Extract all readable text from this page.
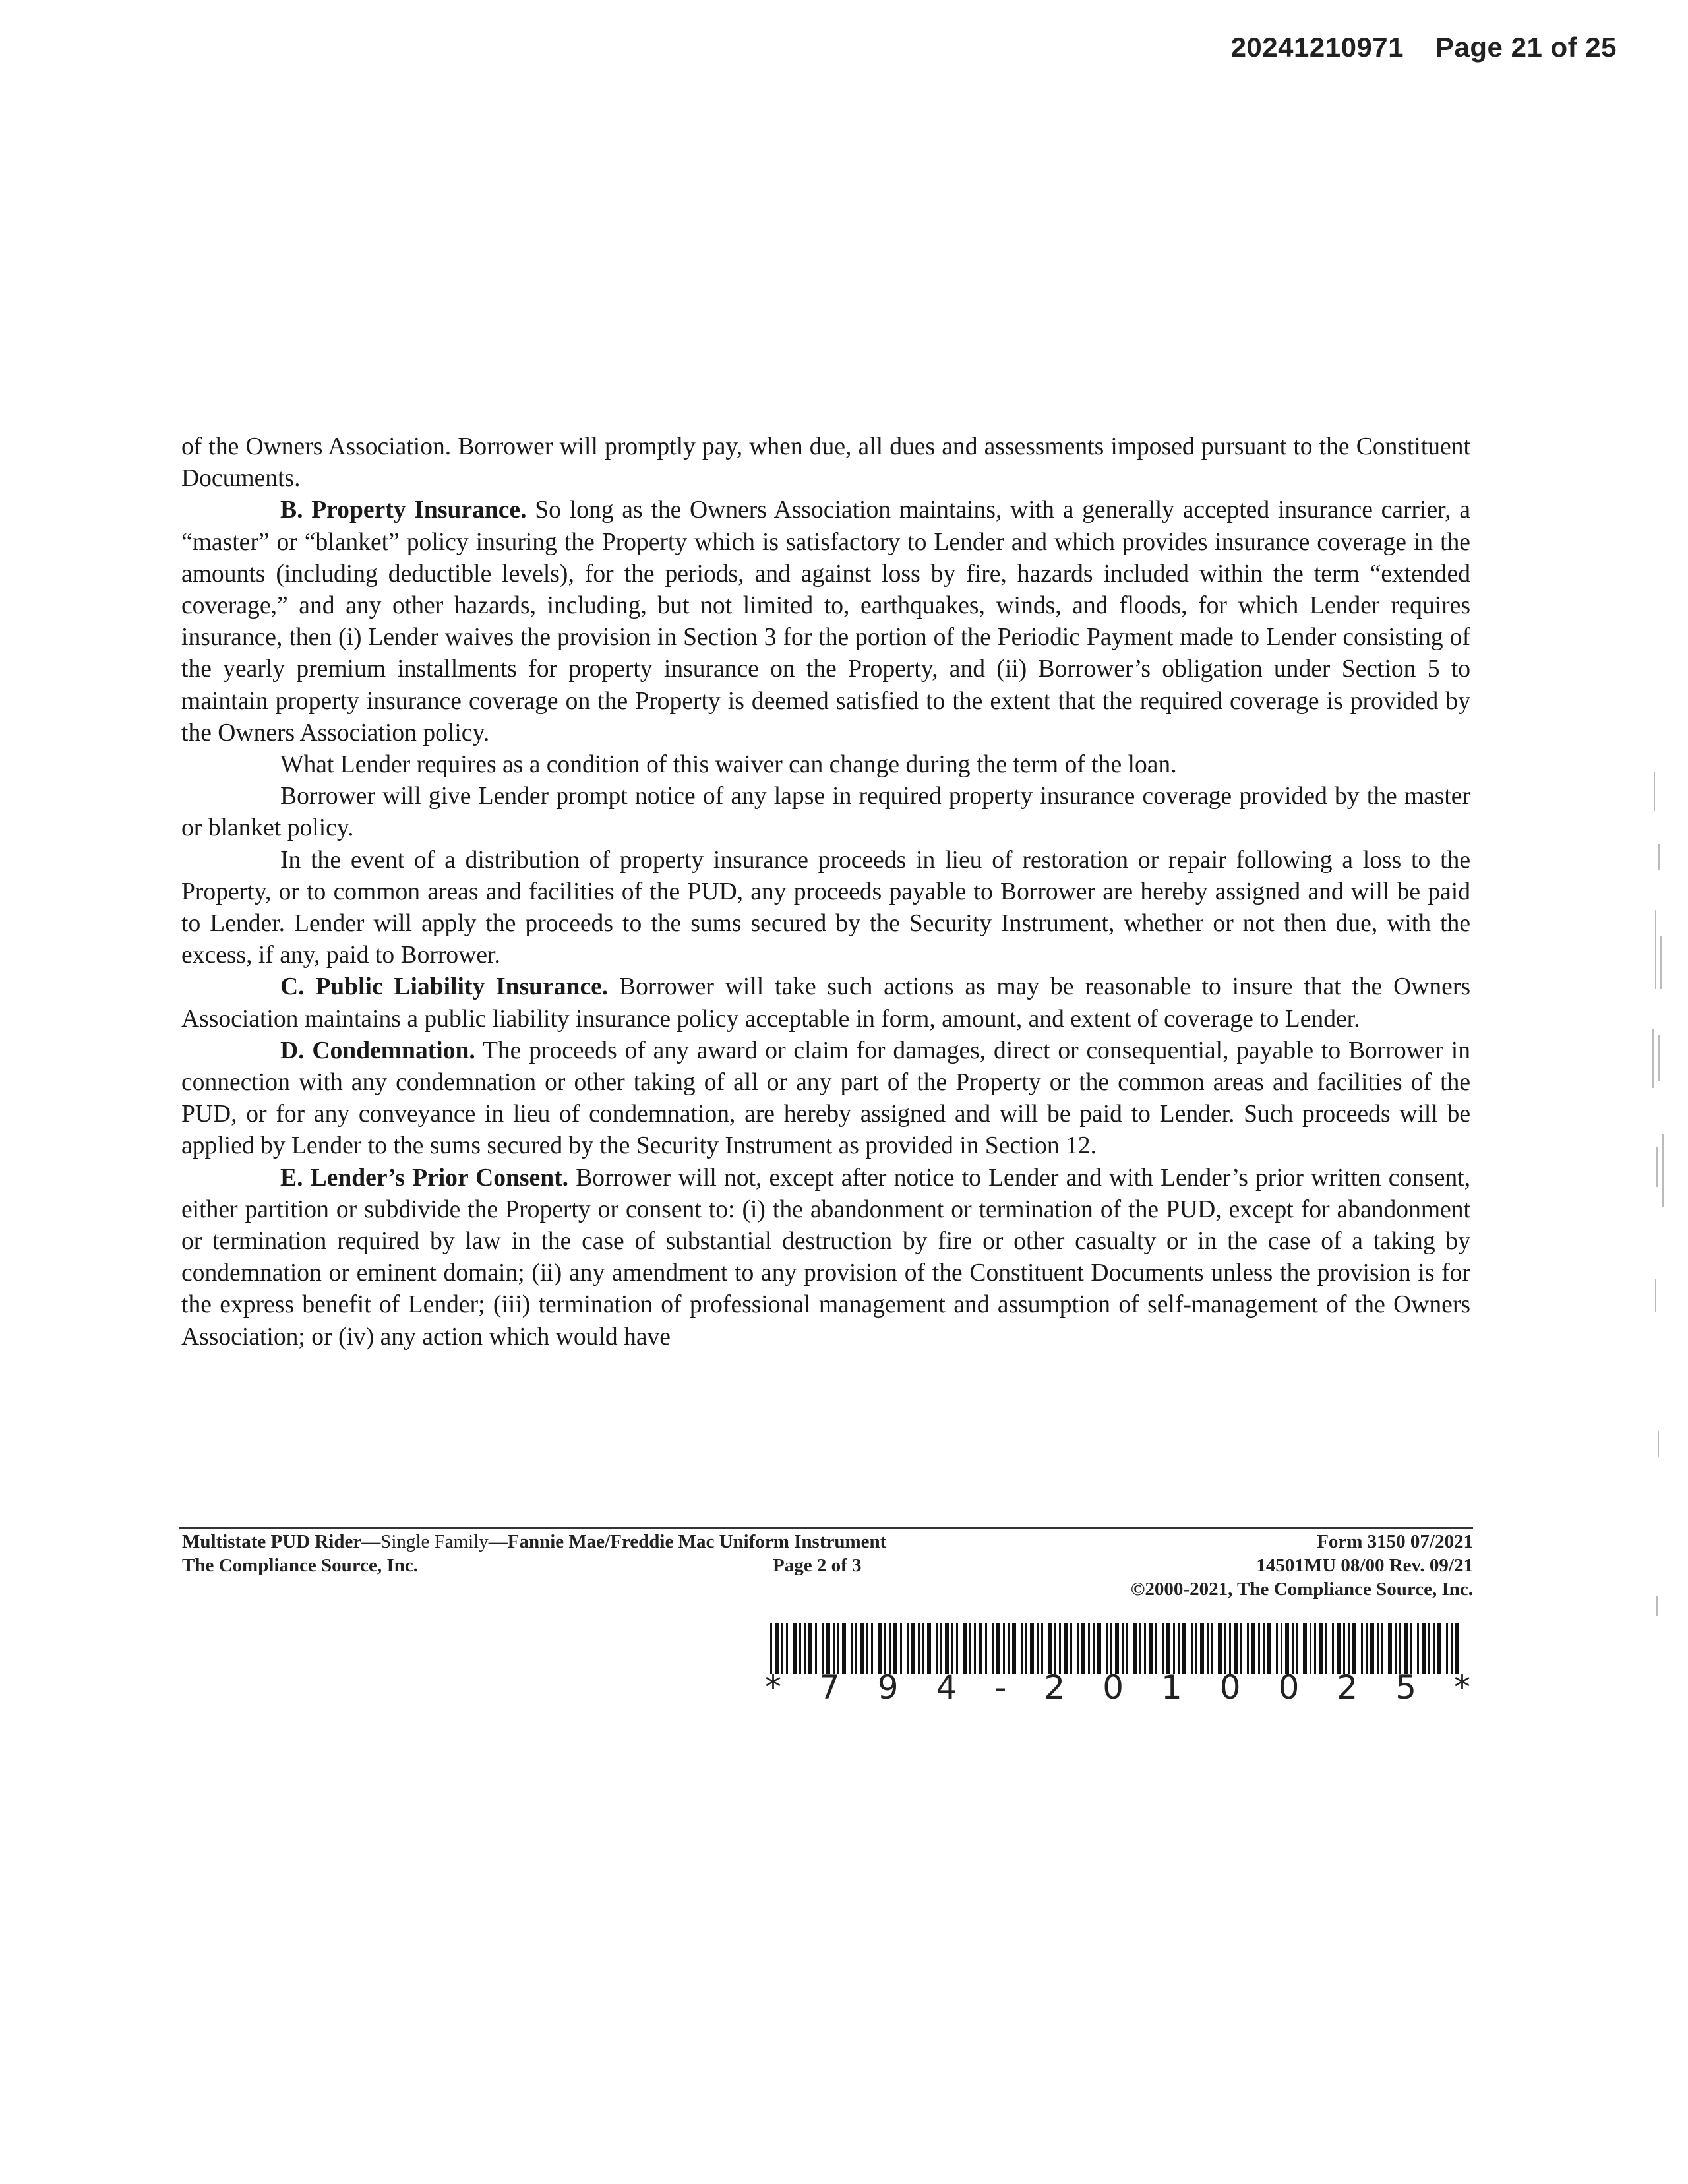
20241210971 Page 21 of 25

of the Owners Association. Borrower will promptly pay, when due, all dues and assessments imposed pursuant to the Constituent Documents.

B. Property Insurance. So long as the Owners Association maintains, with a generally accepted insurance carrier, a “master” or “blanket” policy insuring the Property which is satisfactory to Lender and which provides insurance coverage in the amounts (including deductible levels), for the periods, and against loss by fire, hazards included within the term “extended coverage,” and any other hazards, including, but not limited to, earthquakes, winds, and floods, for which Lender requires insurance, then (i) Lender waives the provision in Section 3 for the portion of the Periodic Payment made to Lender consisting of the yearly premium installments for property insurance on the Property, and (ii) Borrower’s obligation under Section 5 to maintain property insurance coverage on the Property is deemed satisfied to the extent that the required coverage is provided by the Owners Association policy.

What Lender requires as a condition of this waiver can change during the term of the loan.

Borrower will give Lender prompt notice of any lapse in required property insurance coverage provided by the master or blanket policy.

In the event of a distribution of property insurance proceeds in lieu of restoration or repair following a loss to the Property, or to common areas and facilities of the PUD, any proceeds payable to Borrower are hereby assigned and will be paid to Lender. Lender will apply the proceeds to the sums secured by the Security Instrument, whether or not then due, with the excess, if any, paid to Borrower.

C. Public Liability Insurance. Borrower will take such actions as may be reasonable to insure that the Owners Association maintains a public liability insurance policy acceptable in form, amount, and extent of coverage to Lender.

D. Condemnation. The proceeds of any award or claim for damages, direct or consequential, payable to Borrower in connection with any condemnation or other taking of all or any part of the Property or the common areas and facilities of the PUD, or for any conveyance in lieu of condemnation, are hereby assigned and will be paid to Lender. Such proceeds will be applied by Lender to the sums secured by the Security Instrument as provided in Section 12.

E. Lender’s Prior Consent. Borrower will not, except after notice to Lender and with Lender’s prior written consent, either partition or subdivide the Property or consent to: (i) the abandonment or termination of the PUD, except for abandonment or termination required by law in the case of substantial destruction by fire or other casualty or in the case of a taking by condemnation or eminent domain; (ii) any amendment to any provision of the Constituent Documents unless the provision is for the express benefit of Lender; (iii) termination of professional management and assumption of self-management of the Owners Association; or (iv) any action which would have

Multistate PUD Rider—Single Family—Fannie Mae/Freddie Mac Uniform Instrument
The Compliance Source, Inc.	Page 2 of 3
Form 3150 07/2021
14501MU 08/00 Rev. 09/21
©2000-2021, The Compliance Source, Inc.
* 7 9 4 - 2 0 1 0 0 2 5 *
